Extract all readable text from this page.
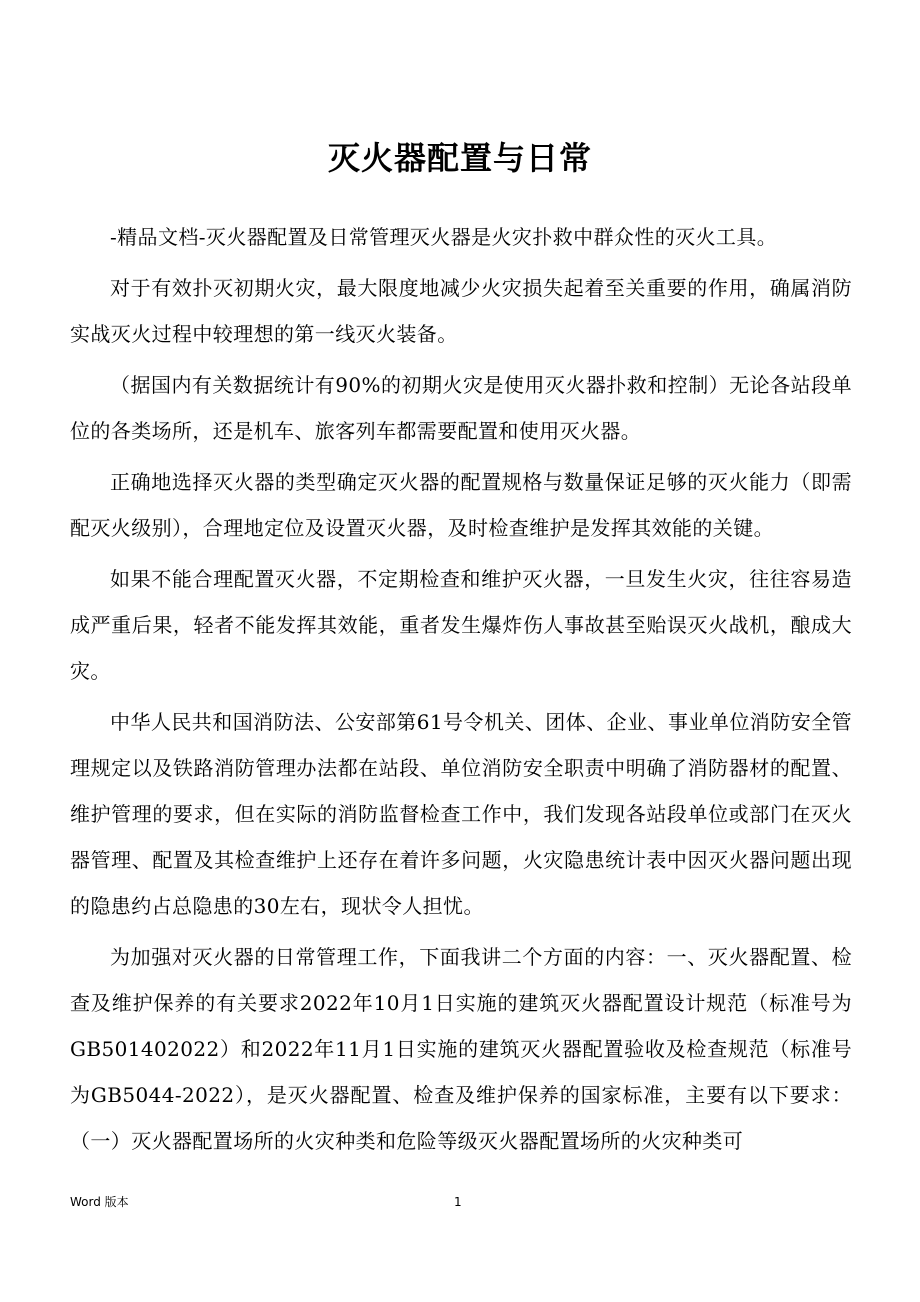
灭火器配置与日常

-精品文档-灭火器配置及日常管理灭火器是火灾扑救中群众性的灭火工具。

对于有效扑灭初期火灾，最大限度地减少火灾损失起着至关重要的作用，确属消防实战灭火过程中较理想的第一线灭火装备。

（据国内有关数据统计有90%的初期火灾是使用灭火器扑救和控制）无论各站段单位的各类场所，还是机车、旅客列车都需要配置和使用灭火器。

正确地选择灭火器的类型确定灭火器的配置规格与数量保证足够的灭火能力（即需配灭火级别），合理地定位及设置灭火器，及时检查维护是发挥其效能的关键。

如果不能合理配置灭火器，不定期检查和维护灭火器，一旦发生火灾，往往容易造成严重后果，轻者不能发挥其效能，重者发生爆炸伤人事故甚至贻误灭火战机，酿成大灾。

中华人民共和国消防法、公安部第61号令机关、团体、企业、事业单位消防安全管理规定以及铁路消防管理办法都在站段、单位消防安全职责中明确了消防器材的配置、维护管理的要求，但在实际的消防监督检查工作中，我们发现各站段单位或部门在灭火器管理、配置及其检查维护上还存在着许多问题，火灾隐患统计表中因灭火器问题出现的隐患约占总隐患的30左右，现状令人担忧。

为加强对灭火器的日常管理工作，下面我讲二个方面的内容：一、灭火器配置、检查及维护保养的有关要求2022年10月1日实施的建筑灭火器配置设计规范（标准号为GB501402022）和2022年11月1日实施的建筑灭火器配置验收及检查规范（标准号为GB5044-2022），是灭火器配置、检查及维护保养的国家标准，主要有以下要求：（一）灭火器配置场所的火灾种类和危险等级灭火器配置场所的火灾种类可

Word 版本	1
